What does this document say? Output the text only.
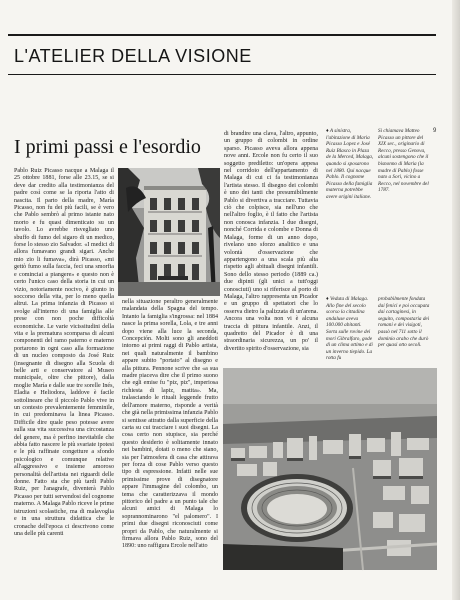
L'ATELIER DELLA VISIONE
9
I primi passi e l'esordio
Pablo Ruiz Picasso nacque a Malaga il 25 ottobre 1881, forse alle 23.15, se si deve dar credito alla testimonianza del padre così come se la riporta l'atto di nascita. Il parto della madre, María Picasso, non fu dei più facili, se è vero che Pablo sembrò al primo istante nato morto e fu quasi dimenticato su un tavolo. Lo avrebbe risvegliato uno sbuffo di fumo del sigaro di un medico, forse lo stesso zio Salvador. «I medici di allora fumavano grandi sigari. Anche mio zio li fumava», dirà Picasso, «mi gettò fumo sulla faccia, feci una smorfia e cominciai a piangere» e questo non è certo l'unico caso della storia in cui un vizio, notoriamente nocivo, è giunto in soccorso della vita, per lo meno quella altrui. La prima infanzia di Picasso si svolge all'interno di una famiglia alle prese con non poche difficoltà economiche. Le varie vicissitudini della vita e la prematura scomparsa di alcuni componenti del ramo paterno e materno portarono in ogni caso alla formazione di un nucleo composto da José Ruiz (insegnante di disegno alla Scuola di belle arti e conservatore al Museo municipale, oltre che pittore), dalla moglie María e dalle sue tre sorelle Inés, Eladia e Heliodora, laddove è facile sottolineare che il piccolo Pablo vive in un contesto prevalentemente femminile, in cui predominava la linea Picasso. Difficile dire quale peso potesse avere sulla sua vita successiva una circostanza del genere, ma è perfino inevitabile che abbia fatto nascere le più svariate ipotesi e le più raffinate congetture a sfondo psicologico e comunque relative all'aggressivo e insieme amoroso personalità dell'artista nei riguardi delle donne. Fatto sta che più tardi Pablo Ruiz, per l'anagrafe, diventerà Pablo Picasso per tutti servendosi del cognome materno. A Malaga Pablo riceve le prime istruzioni scolastiche, ma di malavoglia e in una struttura didattica che le cronache dell'epoca ci descrivono come una delle più carenti
nella situazione peraltro generalmente malandata della Spagna del tempo. Intanto la famiglia s'ingrossa: nel 1884 nasce la prima sorella, Lola, e tre anni dopo viene alla luce la seconda, Concepción. Molti sono gli aneddoti intorno ai primi raggi di Pablo artista, nei quali naturalmente il bambino appare subito "portato" al disegno e alla pittura. Pennone scrive che «a sua madre piaceva dire che il primo suono che egli emise fu "piz, piz", imperiosa richiesta di lapiz, matita». Ma, tralasciando le rituali leggende frutto dell'amore materno, risponde a verità che già nella primissima infanzia Pablo si sentisse attratto dalla superficie della carta su cui tracciare i suoi disegni. La cosa certo non stupisce, sia perché questo desiderio è solitamente innato nei bambini, dotati o meno che siano, sia per l'atmosfera di casa che attirava per forza di cose Pablo verso questo tipo di espressione. Infatti nelle sue primissime prove di disegnatore appare l'immagine del colombo, un tema che caratterizzava il mondo pittorico del padre a un punto tale che alcuni amici di Malaga lo soprannominarono "el palomero". I primi due disegni riconosciuti come propri da Pablo, che naturalmente si firmava allora Pablo Ruiz, sono del 1890: uno raffigura Ercole nell'atto
di brandire una clava, l'altro, appunto, un gruppo di colombi in ordine sparso. Picasso aveva allora appena nove anni. Ercole non fu certo il suo soggetto prediletto: un'opera appesa nel corridoio dell'appartamento di Malaga di cui ci fa testimonianza l'artista stesso. Il disegno dei colombi è uno dei tanti che presumibilmente Pablo si divertiva a tracciare. Tuttavia ciò che colpisce, sia nell'uno che nell'altro foglio, è il fatto che l'artista non conosca infanzia. I due disegni, nonché Corrida e colombe e Donna di Malaga, forme di un anno dopo, rivelano uno sforzo analitico e una volontà d'osservazione che appartengono a una scala più alta rispetto agli abituali disegni infantili. Sono dello stesso periodo (1889 ca.) due dipinti (gli unici a tutt'oggi conosciuti) uno si riferisce al porto di Malaga, l'altro rappresenta un Picador e un gruppo di spettatori che lo osserva dietro la palizzata di un'arena. Ancora una volta non vi è alcuna traccia di pittura infantile. Anzi, il quadretto del Picador è di una straordinaria sicurezza, un po' il divertito spirito d'osservazione, sia
♦ A sinistra, l'abitazione di Maria Picasso Lopez e José Ruiz Blasco in Plaza de la Merced, Malaga, quando si sposarono nel 1880. Qui nacque Pablo. Il cognome Picasso della famiglia materna potrebbe avere origini italiane.
Si chiamava Matteo Picasso un pittore del XIX sec., originario di Recco, presso Genova, alcuni sostengono che il bisnonno di Maria (la madre di Pablo) fosse nato a Sori, vicino a Recco, nel novembre del 1787.
♦ Veduta di Malaga. Allo fine del secolo scorso la cittadina andaluse aveva 100.000 abitanti. Sorta sulle rovine dei mori Gibralfaro, gode di un clima ottimo e di un inverno tiepido. La rotta fu
probabilmente fondata dai fenici e poi occupata dai cartaginesi, in seguito, compostaria dei romani e dei visigoti, passò nel 711 sotto il dominio arabo che durò per quasi otto secoli.
